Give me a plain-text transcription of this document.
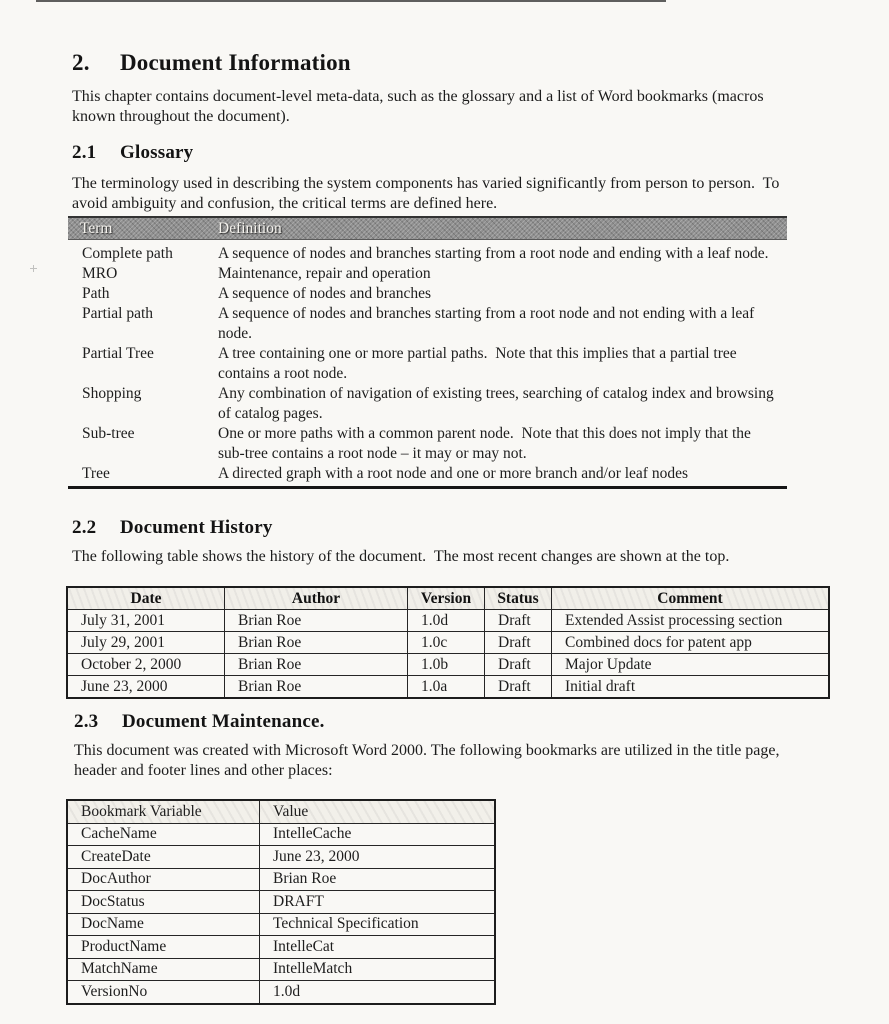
2. Document Information

This chapter contains document-level meta-data, such as the glossary and a list of Word bookmarks (macros known throughout the document).

2.1 Glossary

The terminology used in describing the system components has varied significantly from person to person.  To avoid ambiguity and confusion, the critical terms are defined here.

Term	Definition
Complete path	A sequence of nodes and branches starting from a root node and ending with a leaf node.
MRO	Maintenance, repair and operation
Path	A sequence of nodes and branches
Partial path	A sequence of nodes and branches starting from a root node and not ending with a leaf node.
Partial Tree	A tree containing one or more partial paths.  Note that this implies that a partial tree contains a root node.
Shopping	Any combination of navigation of existing trees, searching of catalog index and browsing of catalog pages.
Sub-tree	One or more paths with a common parent node.  Note that this does not imply that the sub-tree contains a root node – it may or may not.
Tree	A directed graph with a root node and one or more branch and/or leaf nodes
2.2 Document History

The following table shows the history of the document.  The most recent changes are shown at the top.

Date	Author	Version	Status	Comment
July 31, 2001	Brian Roe	1.0d	Draft	Extended Assist processing section
July 29, 2001	Brian Roe	1.0c	Draft	Combined docs for patent app
October 2, 2000	Brian Roe	1.0b	Draft	Major Update
June 23, 2000	Brian Roe	1.0a	Draft	Initial draft
2.3 Document Maintenance.

This document was created with Microsoft Word 2000. The following bookmarks are utilized in the title page, header and footer lines and other places:

Bookmark Variable	Value
CacheName	IntelleCache
CreateDate	June 23, 2000
DocAuthor	Brian Roe
DocStatus	DRAFT
DocName	Technical Specification
ProductName	IntelleCat
MatchName	IntelleMatch
VersionNo	1.0d
